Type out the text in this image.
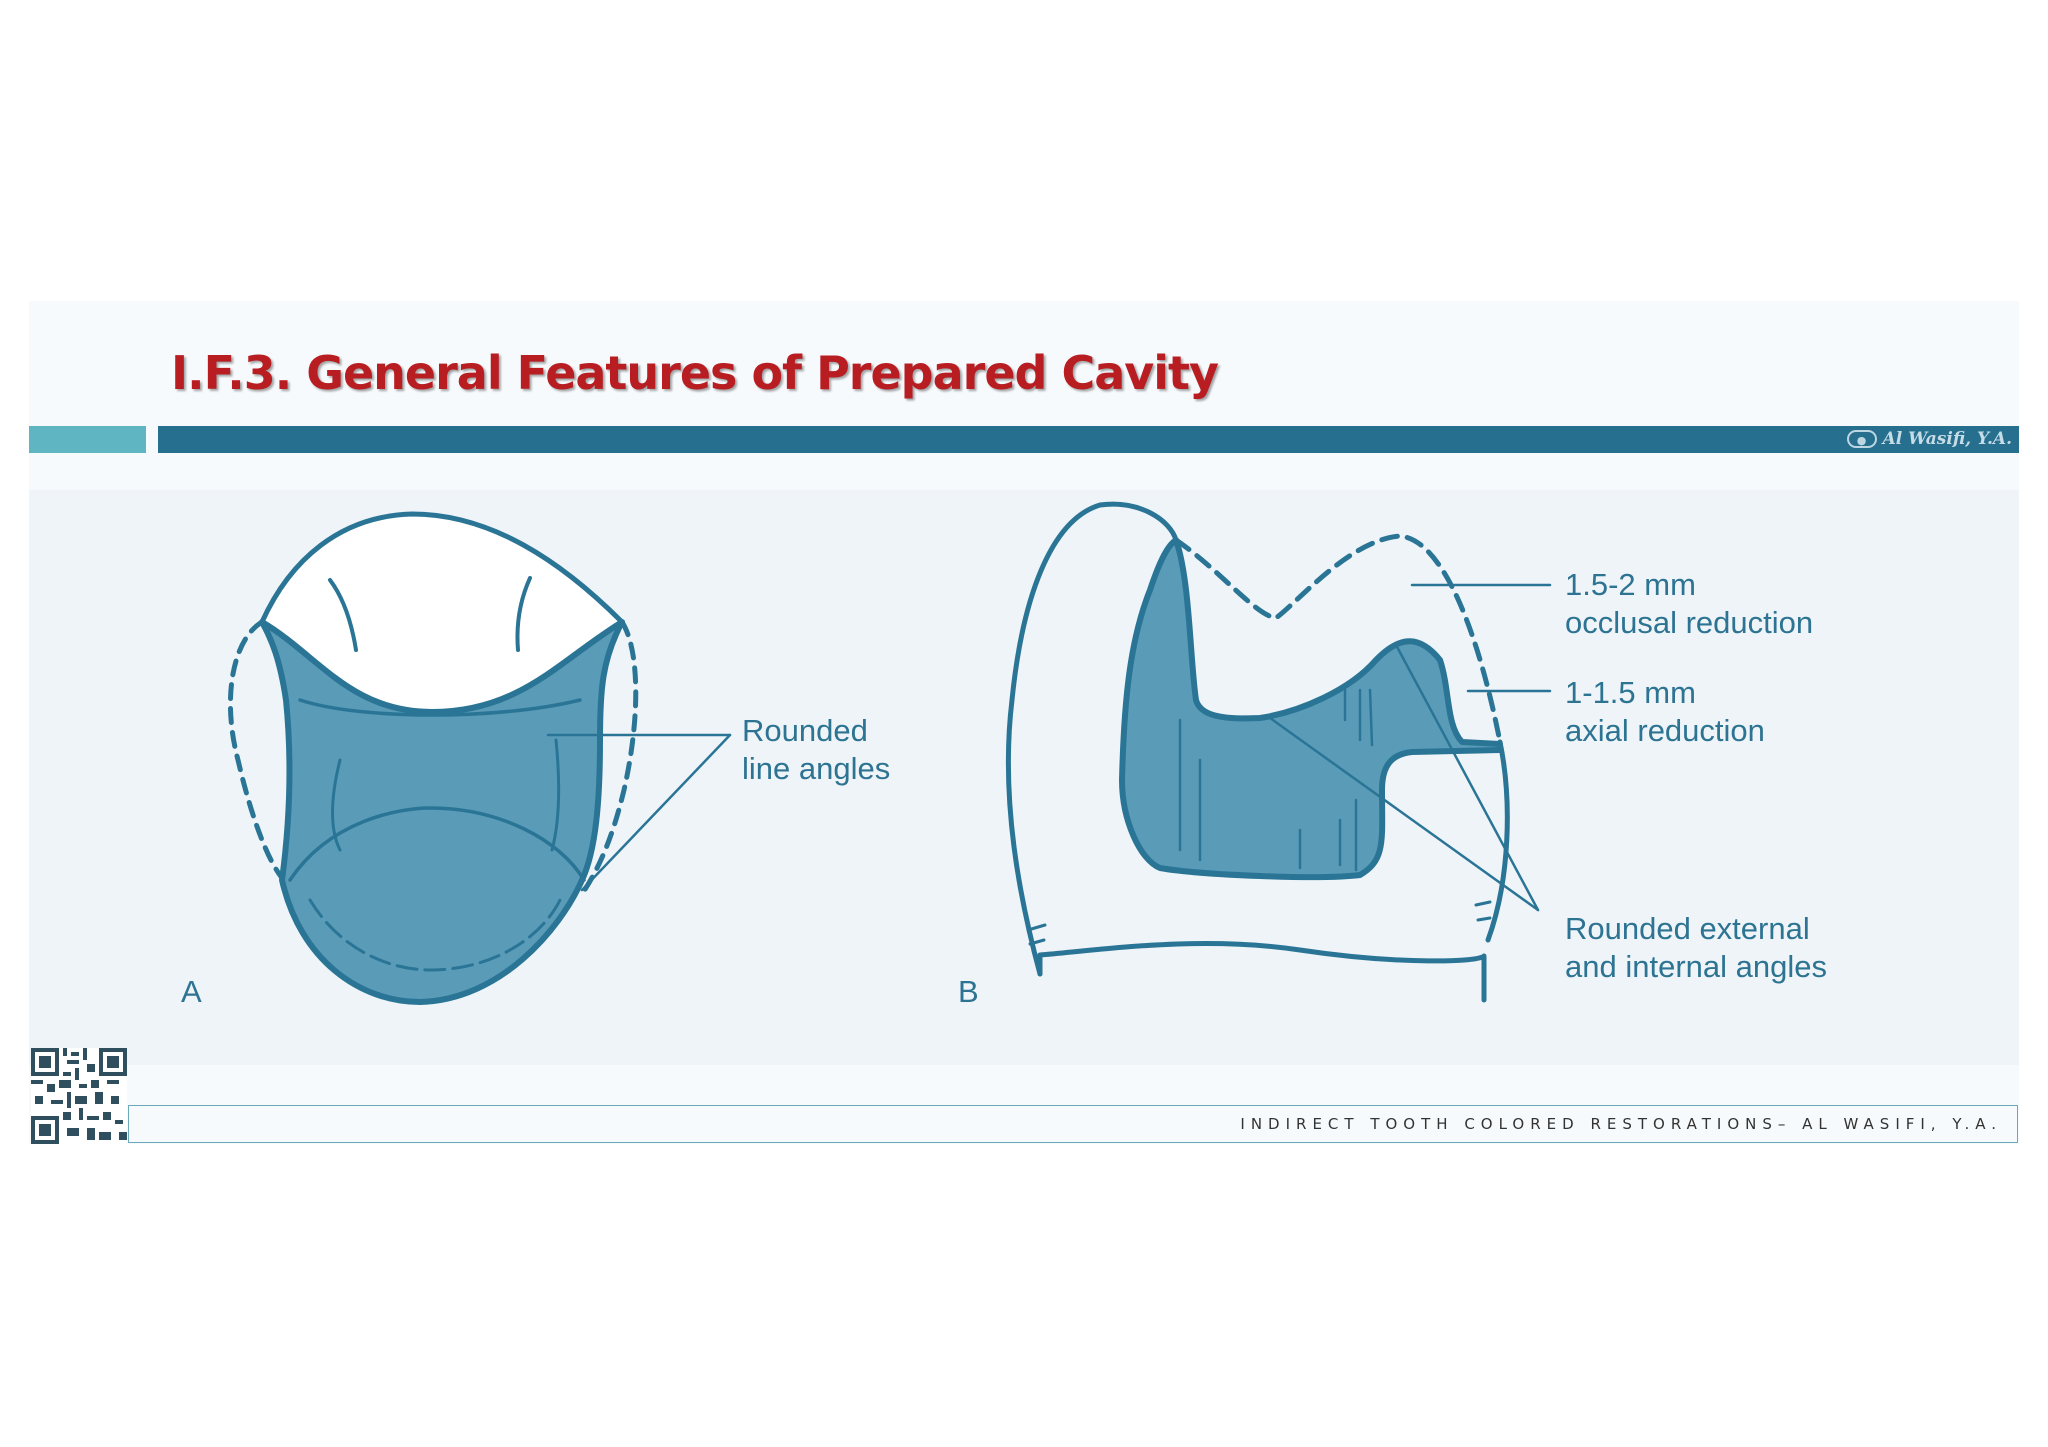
I.F.3. General Features of Prepared Cavity
● Al Wasifi, Y.A.
Rounded
line angles
A
1.5-2 mm
occlusal reduction
1-1.5 mm
axial reduction
Rounded external
and internal angles
B
INDIRECT TOOTH COLORED RESTORATIONS– AL WASIFI, Y.A.
